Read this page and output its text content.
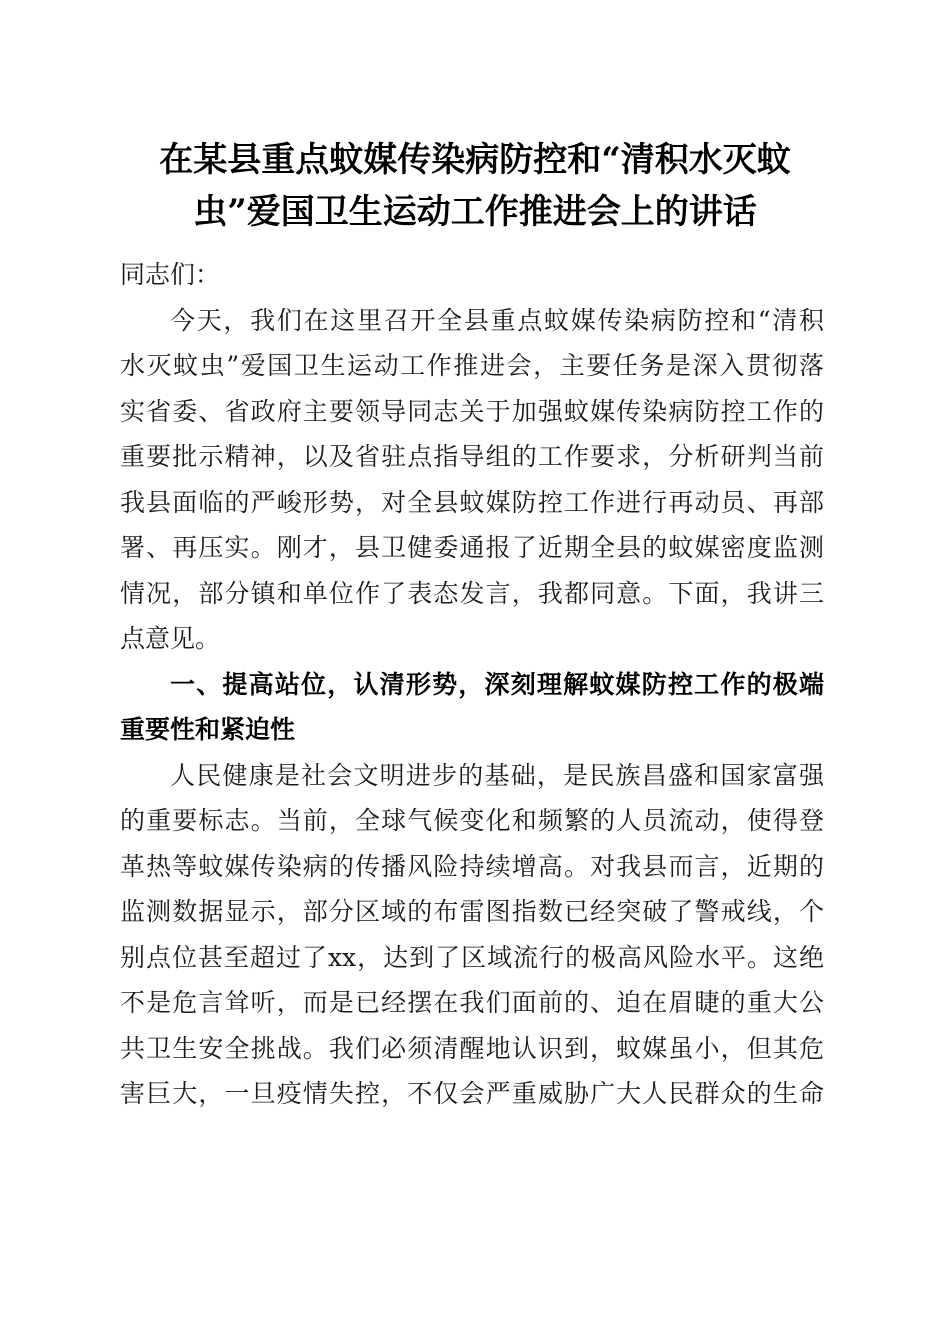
在某县重点蚊媒传染病防控和“清积水灭蚊
虫”爱国卫生运动工作推进会上的讲话
同志们：
今天，我们在这里召开全县重点蚊媒传染病防控和“清积
水灭蚊虫”爱国卫生运动工作推进会，主要任务是深入贯彻落
实省委、省政府主要领导同志关于加强蚊媒传染病防控工作的
重要批示精神，以及省驻点指导组的工作要求，分析研判当前
我县面临的严峻形势，对全县蚊媒防控工作进行再动员、再部
署、再压实。刚才，县卫健委通报了近期全县的蚊媒密度监测
情况，部分镇和单位作了表态发言，我都同意。下面，我讲三
点意见。
一、提高站位，认清形势，深刻理解蚊媒防控工作的极端
重要性和紧迫性
人民健康是社会文明进步的基础，是民族昌盛和国家富强
的重要标志。当前，全球气候变化和频繁的人员流动，使得登
革热等蚊媒传染病的传播风险持续增高。对我县而言，近期的
监测数据显示，部分区域的布雷图指数已经突破了警戒线，个
别点位甚至超过了xx，达到了区域流行的极高风险水平。这绝
不是危言耸听，而是已经摆在我们面前的、迫在眉睫的重大公
共卫生安全挑战。我们必须清醒地认识到，蚊媒虽小，但其危
害巨大，一旦疫情失控，不仅会严重威胁广大人民群众的生命
